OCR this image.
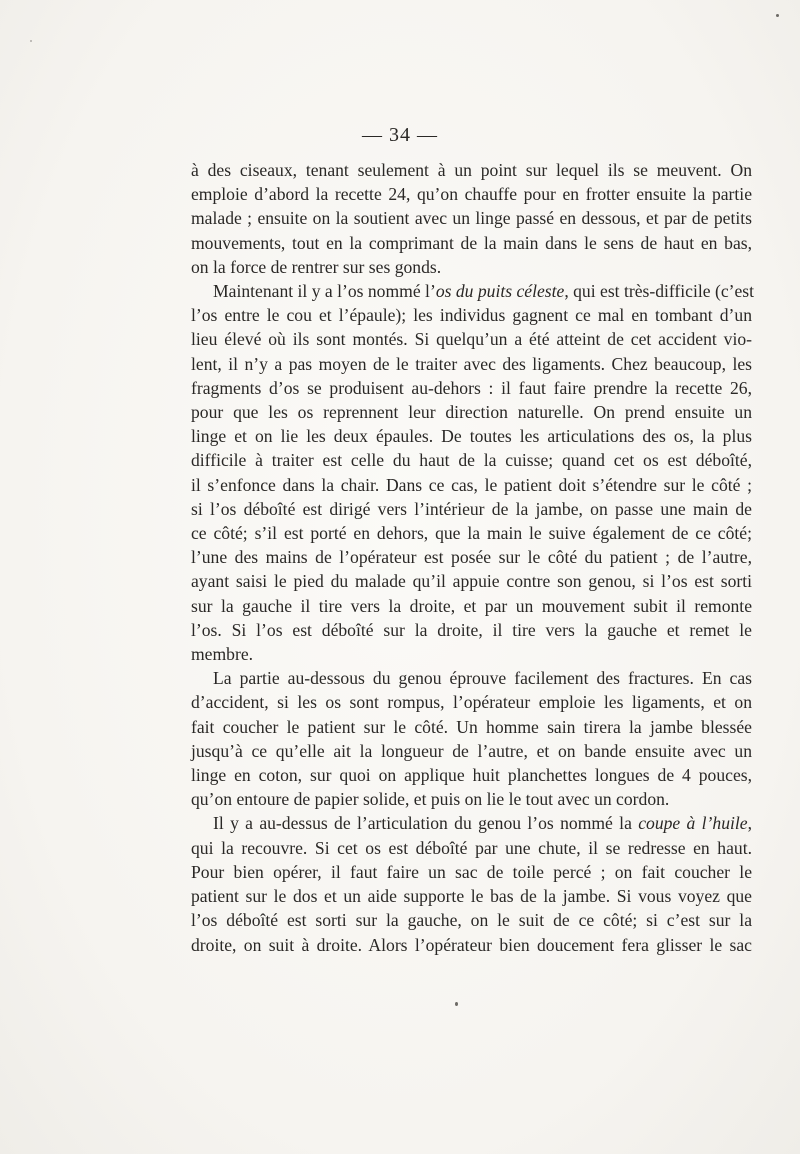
— 34 —

à des ciseaux, tenant seulement à un point sur lequel ils se meuvent. On
emploie d’abord la recette 24, qu’on chauffe pour en frotter ensuite la partie
malade ; ensuite on la soutient avec un linge passé en dessous, et par de petits
mouvements, tout en la comprimant de la main dans le sens de haut en bas,
on la force de rentrer sur ses gonds.

Maintenant il y a l’os nommé l’os du puits céleste, qui est très-difficile (c’est
l’os entre le cou et l’épaule); les individus gagnent ce mal en tombant d’un
lieu élevé où ils sont montés. Si quelqu’un a été atteint de cet accident vio-
lent, il n’y a pas moyen de le traiter avec des ligaments. Chez beaucoup, les
fragments d’os se produisent au-dehors : il faut faire prendre la recette 26,
pour que les os reprennent leur direction naturelle. On prend ensuite un
linge et on lie les deux épaules. De toutes les articulations des os, la plus
difficile à traiter est celle du haut de la cuisse; quand cet os est déboîté,
il s’enfonce dans la chair. Dans ce cas, le patient doit s’étendre sur le côté ;
si l’os déboîté est dirigé vers l’intérieur de la jambe, on passe une main de
ce côté; s’il est porté en dehors, que la main le suive également de ce côté;
l’une des mains de l’opérateur est posée sur le côté du patient ; de l’autre,
ayant saisi le pied du malade qu’il appuie contre son genou, si l’os est sorti
sur la gauche il tire vers la droite, et par un mouvement subit il remonte
l’os. Si l’os est déboîté sur la droite, il tire vers la gauche et remet le
membre.

La partie au-dessous du genou éprouve facilement des fractures. En cas
d’accident, si les os sont rompus, l’opérateur emploie les ligaments, et on
fait coucher le patient sur le côté. Un homme sain tirera la jambe blessée
jusqu’à ce qu’elle ait la longueur de l’autre, et on bande ensuite avec un
linge en coton, sur quoi on applique huit planchettes longues de 4 pouces,
qu’on entoure de papier solide, et puis on lie le tout avec un cordon.

Il y a au-dessus de l’articulation du genou l’os nommé la coupe à l’huile,
qui la recouvre. Si cet os est déboîté par une chute, il se redresse en haut.
Pour bien opérer, il faut faire un sac de toile percé ; on fait coucher le
patient sur le dos et un aide supporte le bas de la jambe. Si vous voyez que
l’os déboîté est sorti sur la gauche, on le suit de ce côté; si c’est sur la
droite, on suit à droite. Alors l’opérateur bien doucement fera glisser le sac
